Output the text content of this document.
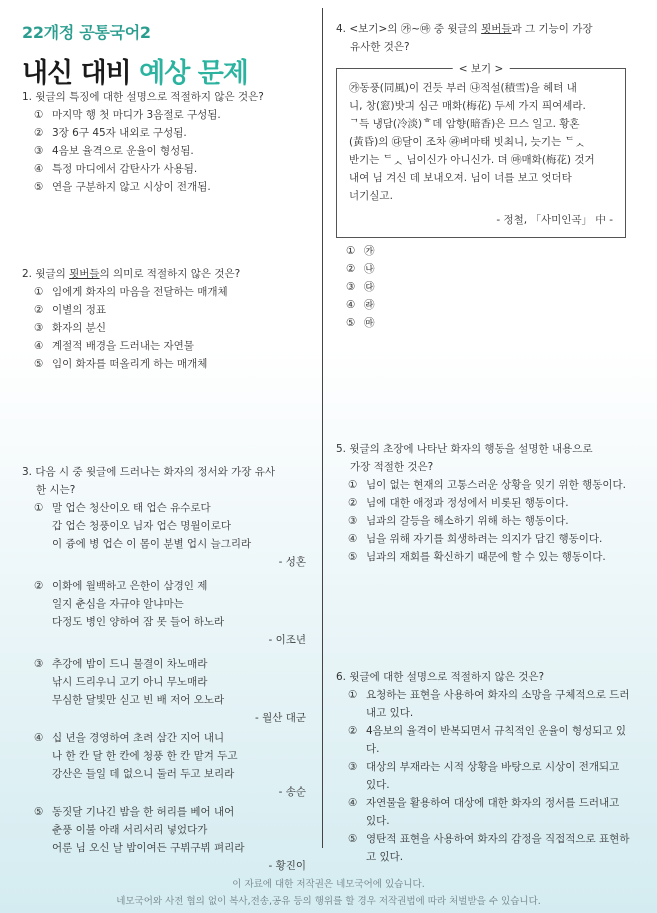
22개정 공통국어2
내신 대비 예상 문제
1. 윗글의 특징에 대한 설명으로 적절하지 않은 것은?
① 마지막 행 첫 마디가 3음절로 구성됨.
② 3장 6구 45자 내외로 구성됨.
③ 4음보 율격으로 운율이 형성됨.
④ 특정 마디에서 감탄사가 사용됨.
⑤ 연을 구분하지 않고 시상이 전개됨.
2. 윗글의 묏버들의 의미로 적절하지 않은 것은?
① 임에게 화자의 마음을 전달하는 매개체
② 이별의 정표
③ 화자의 분신
④ 계절적 배경을 드러내는 자연물
⑤ 임이 화자를 떠올리게 하는 매개체
3. 다음 시 중 윗글에 드러나는 화자의 정서와 가장 유사
한 시는?
① 말 업슨 청산이오 태 업슨 유수로다
갑 업슨 청풍이오 님자 업슨 명월이로다
이 즁에 병 업슨 이 몸이 분별 업시 늘그리라
- 성혼
② 이화에 월백하고 은한이 삼경인 제
일지 춘심을 자규야 알냐마는
다정도 병인 양하여 잠 못 들어 하노라
- 이조년
③ 추강에 밤이 드니 물결이 차노매라
낚시 드리우니 고기 아니 무노매라
무심한 달빛만 싣고 빈 배 저어 오노라
- 월산 대군
④ 십 년을 경영하여 초려 삼간 지어 내니
나 한 칸 달 한 칸에 청풍 한 칸 맡겨 두고
강산은 들일 데 없으니 둘러 두고 보리라
- 송순
⑤ 동짓달 기나긴 밤을 한 허리를 베어 내어
춘풍 이불 아래 서리서리 넣었다가
어룬 님 오신 날 밤이여든 구뷔구뷔 펴리라
- 황진이
4. <보기>의 ㉮~㉲ 중 윗글의 묏버들과 그 기능이 가장
유사한 것은?
< 보기 >
㉮동풍(同風)이 건듯 부러 ㉯적설(積雪)을 헤텨 내
니, 창(窓)밧긔 심근 매화(梅花) 두세 가지 픠여셰라.
ᄀ득 냉담(冷淡)ᄒ데 암향(暗香)은 므스 일고. 황혼
(黃昏)의 ㉰달이 조차 ㉱벼마태 빗최니, 늣기는 ᄃᆺ
반기는 ᄃᆺ 님이신가 아니신가. 뎌 ㉲매화(梅花) 것거
내여 님 겨신 데 보내오져. 님이 너를 보고 엇더타
너기실고.
- 정철, 「사미인곡」 中 -
① ㉮
② ㉯
③ ㉰
④ ㉱
⑤ ㉲
5. 윗글의 초장에 나타난 화자의 행동을 설명한 내용으로
가장 적절한 것은?
① 님이 없는 현재의 고통스러운 상황을 잊기 위한 행동이다.
② 님에 대한 애정과 정성에서 비롯된 행동이다.
③ 님과의 갈등을 해소하기 위해 하는 행동이다.
④ 님을 위해 자기를 희생하려는 의지가 담긴 행동이다.
⑤ 님과의 재회를 확신하기 때문에 할 수 있는 행동이다.
6. 윗글에 대한 설명으로 적절하지 않은 것은?
① 요청하는 표현을 사용하여 화자의 소망을 구체적으로 드러내고 있다.
② 4음보의 율격이 반복되면서 규칙적인 운율이 형성되고 있다.
③ 대상의 부재라는 시적 상황을 바탕으로 시상이 전개되고 있다.
④ 자연물을 활용하여 대상에 대한 화자의 정서를 드러내고 있다.
⑤ 영탄적 표현을 사용하여 화자의 감정을 직접적으로 표현하고 있다.
이 자료에 대한 저작권은 네모국어에 있습니다.
네모국어와 사전 협의 없이 복사,전송,공유 등의 행위를 할 경우 저작권법에 따라 처벌받을 수 있습니다.
